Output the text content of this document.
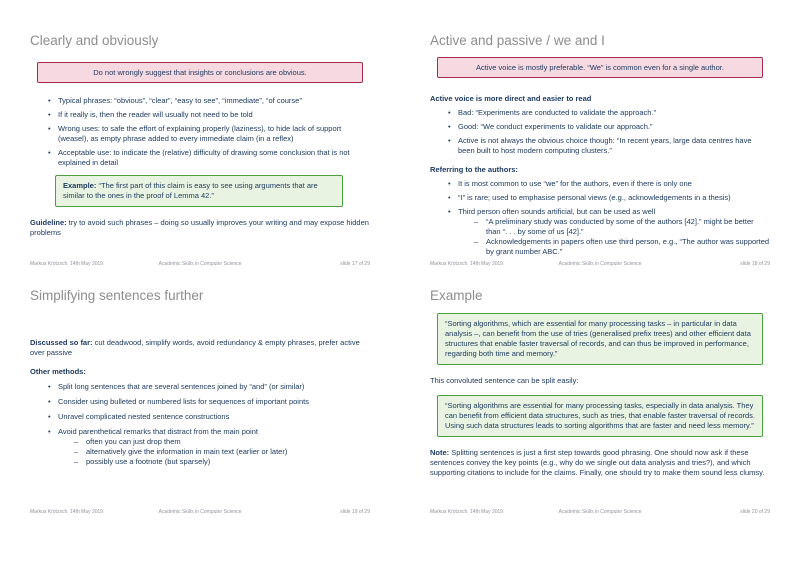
Clearly and obviously
Do not wrongly suggest that insights or conclusions are obvious.
• Typical phrases: “obvious”, “clear”, “easy to see”, “immediate”, “of course”
• If it really is, then the reader will usually not need to be told
• Wrong uses: to safe the effort of explaining properly (laziness), to hide lack of support (weasel), as empty phrase added to every immediate claim (in a reflex)
• Acceptable use: to indicate the (relative) difficulty of drawing some conclusion that is not explained in detail
Example: “The first part of this claim is easy to see using arguments that are similar to the ones in the proof of Lemma 42.”

Guideline: try to avoid such phrases – doing so usually improves your writing and may expose hidden problems

Markus Krötzsch, 14th May 2019	Academic Skills in Computer Science	slide 17 of 29
Active and passive / we and I
Active voice is mostly preferable. “We” is common even for a single author.
Active voice is more direct and easier to read
• Bad: “Experiments are conducted to validate the approach.”
• Good: “We conduct experiments to validate our approach.”
• Active is not always the obvious choice though: “In recent years, large data centres have been built to host modern computing clusters.”
Referring to the authors:
• It is most common to use “we” for the authors, even if there is only one
• “I” is rare; used to emphasise personal views (e.g., acknowledgements in a thesis)
• Third person often sounds artificial, but can be used as well
–	“A preliminary study was conducted by some of the authors [42].” might be better than “. . . by some of us [42].”
–	Acknowledgements in papers often use third person, e.g., “The author was supported by grant number ABC.”
Markus Krötzsch, 14th May 2019	Academic Skills in Computer Science	slide 18 of 29
Simplifying sentences further

Discussed so far: cut deadwood, simplify words, avoid redundancy & empty phrases, prefer active over passive

Other methods:
• Split long sentences that are several sentences joined by “and” (or similar)
• Consider using bulleted or numbered lists for sequences of important points
• Unravel complicated nested sentence constructions
• Avoid parenthetical remarks that distract from the main point
–	often you can just drop them
–	alternatively give the information in main text (earlier or later)
–	possibly use a footnote (but sparsely)
Markus Krötzsch, 14th May 2019	Academic Skills in Computer Science	slide 19 of 29
Example
“Sorting algorithms, which are essential for many processing tasks – in particular in data analysis –, can benefit from the use of tries (generalised prefix trees) and other efficient data structures that enable faster traversal of records, and can thus be improved in performance, regarding both time and memory.”

This convoluted sentence can be split easily:

“Sorting algorithms are essential for many processing tasks, especially in data analysis. They can benefit from efficient data structures, such as tries, that enable faster traversal of records. Using such data structures leads to sorting algorithms that are faster and need less memory.”

Note: Splitting sentences is just a first step towards good phrasing. One should now ask if these sentences convey the key points (e.g., why do we single out data analysis and tries?), and which supporting citations to include for the claims. Finally, one should try to make them sound less clumsy.

Markus Krötzsch, 14th May 2019	Academic Skills in Computer Science	slide 20 of 29
